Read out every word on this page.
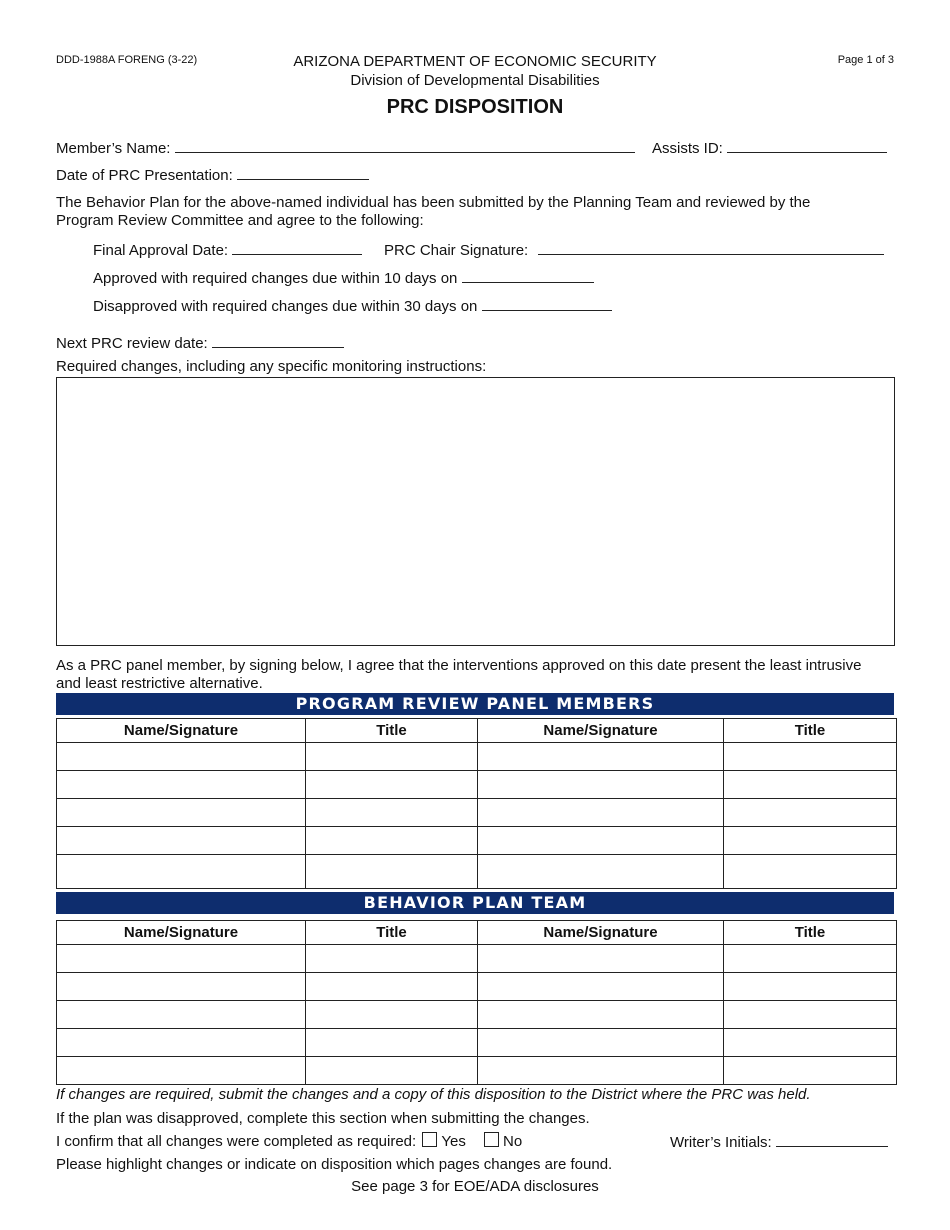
DDD-1988A FORENG (3-22)	ARIZONA DEPARTMENT OF ECONOMIC SECURITY
Division of Developmental Disabilities
Page 1 of 3
PRC DISPOSITION
Member’s Name:	Assists ID:
Date of PRC Presentation:
The Behavior Plan for the above-named individual has been submitted by the Planning Team and reviewed by the
Program Review Committee and agree to the following:
Final Approval Date:	PRC Chair Signature:
Approved with required changes due within 10 days on
Disapproved with required changes due within 30 days on
Next PRC review date:
Required changes, including any specific monitoring instructions:
As a PRC panel member, by signing below, I agree that the interventions approved on this date present the least intrusive
and least restrictive alternative.
PROGRAM REVIEW PANEL MEMBERS
Name/Signature	Title	Name/Signature	Title

BEHAVIOR PLAN TEAM
Name/Signature	Title	Name/Signature	Title

If changes are required, submit the changes and a copy of this disposition to the District where the PRC was held.
If the plan was disapproved, complete this section when submitting the changes.
I confirm that all changes were completed as required: Yes No	Writer’s Initials:
Please highlight changes or indicate on disposition which pages changes are found.
See page 3 for EOE/ADA disclosures
